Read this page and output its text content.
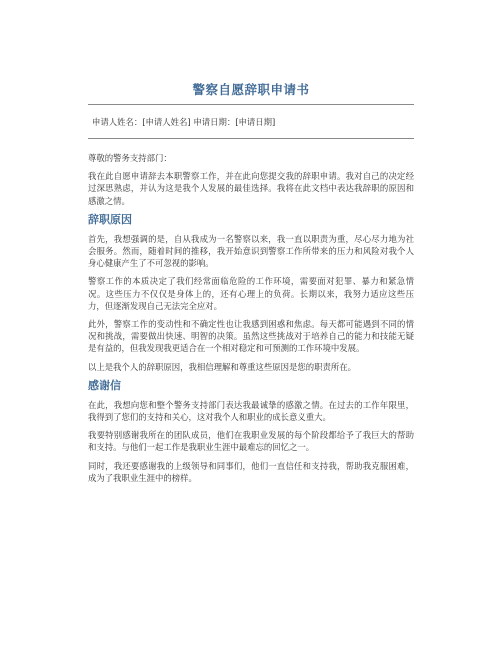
警察自愿辞职申请书
申请人姓名：[申请人姓名] 申请日期：[申请日期]

尊敬的警务支持部门：

我在此自愿申请辞去本职警察工作，并在此向您提交我的辞职申请。我对自己的决定经过深思熟虑，并认为这是我个人发展的最佳选择。我将在此文档中表达我辞职的原因和感激之情。

辞职原因

首先，我想强调的是，自从我成为一名警察以来，我一直以职责为重，尽心尽力地为社会服务。然而，随着时间的推移，我开始意识到警察工作所带来的压力和风险对我个人身心健康产生了不可忽视的影响。

警察工作的本质决定了我们经常面临危险的工作环境，需要面对犯罪、暴力和紧急情况。这些压力不仅仅是身体上的，还有心理上的负荷。长期以来，我努力适应这些压力，但逐渐发现自己无法完全应对。

此外，警察工作的变动性和不确定性也让我感到困惑和焦虑。每天都可能遇到不同的情况和挑战，需要做出快速、明智的决策。虽然这些挑战对于培养自己的能力和技能无疑是有益的，但我发现我更适合在一个相对稳定和可预测的工作环境中发展。

以上是我个人的辞职原因，我相信理解和尊重这些原因是您的职责所在。

感谢信

在此，我想向您和整个警务支持部门表达我最诚挚的感激之情。在过去的工作年限里，我得到了您们的支持和关心，这对我个人和职业的成长意义重大。

我要特别感谢我所在的团队成员，他们在我职业发展的每个阶段都给予了我巨大的帮助和支持。与他们一起工作是我职业生涯中最难忘的回忆之一。

同时，我还要感谢我的上级领导和同事们，他们一直信任和支持我，帮助我克服困难，成为了我职业生涯中的榜样。
